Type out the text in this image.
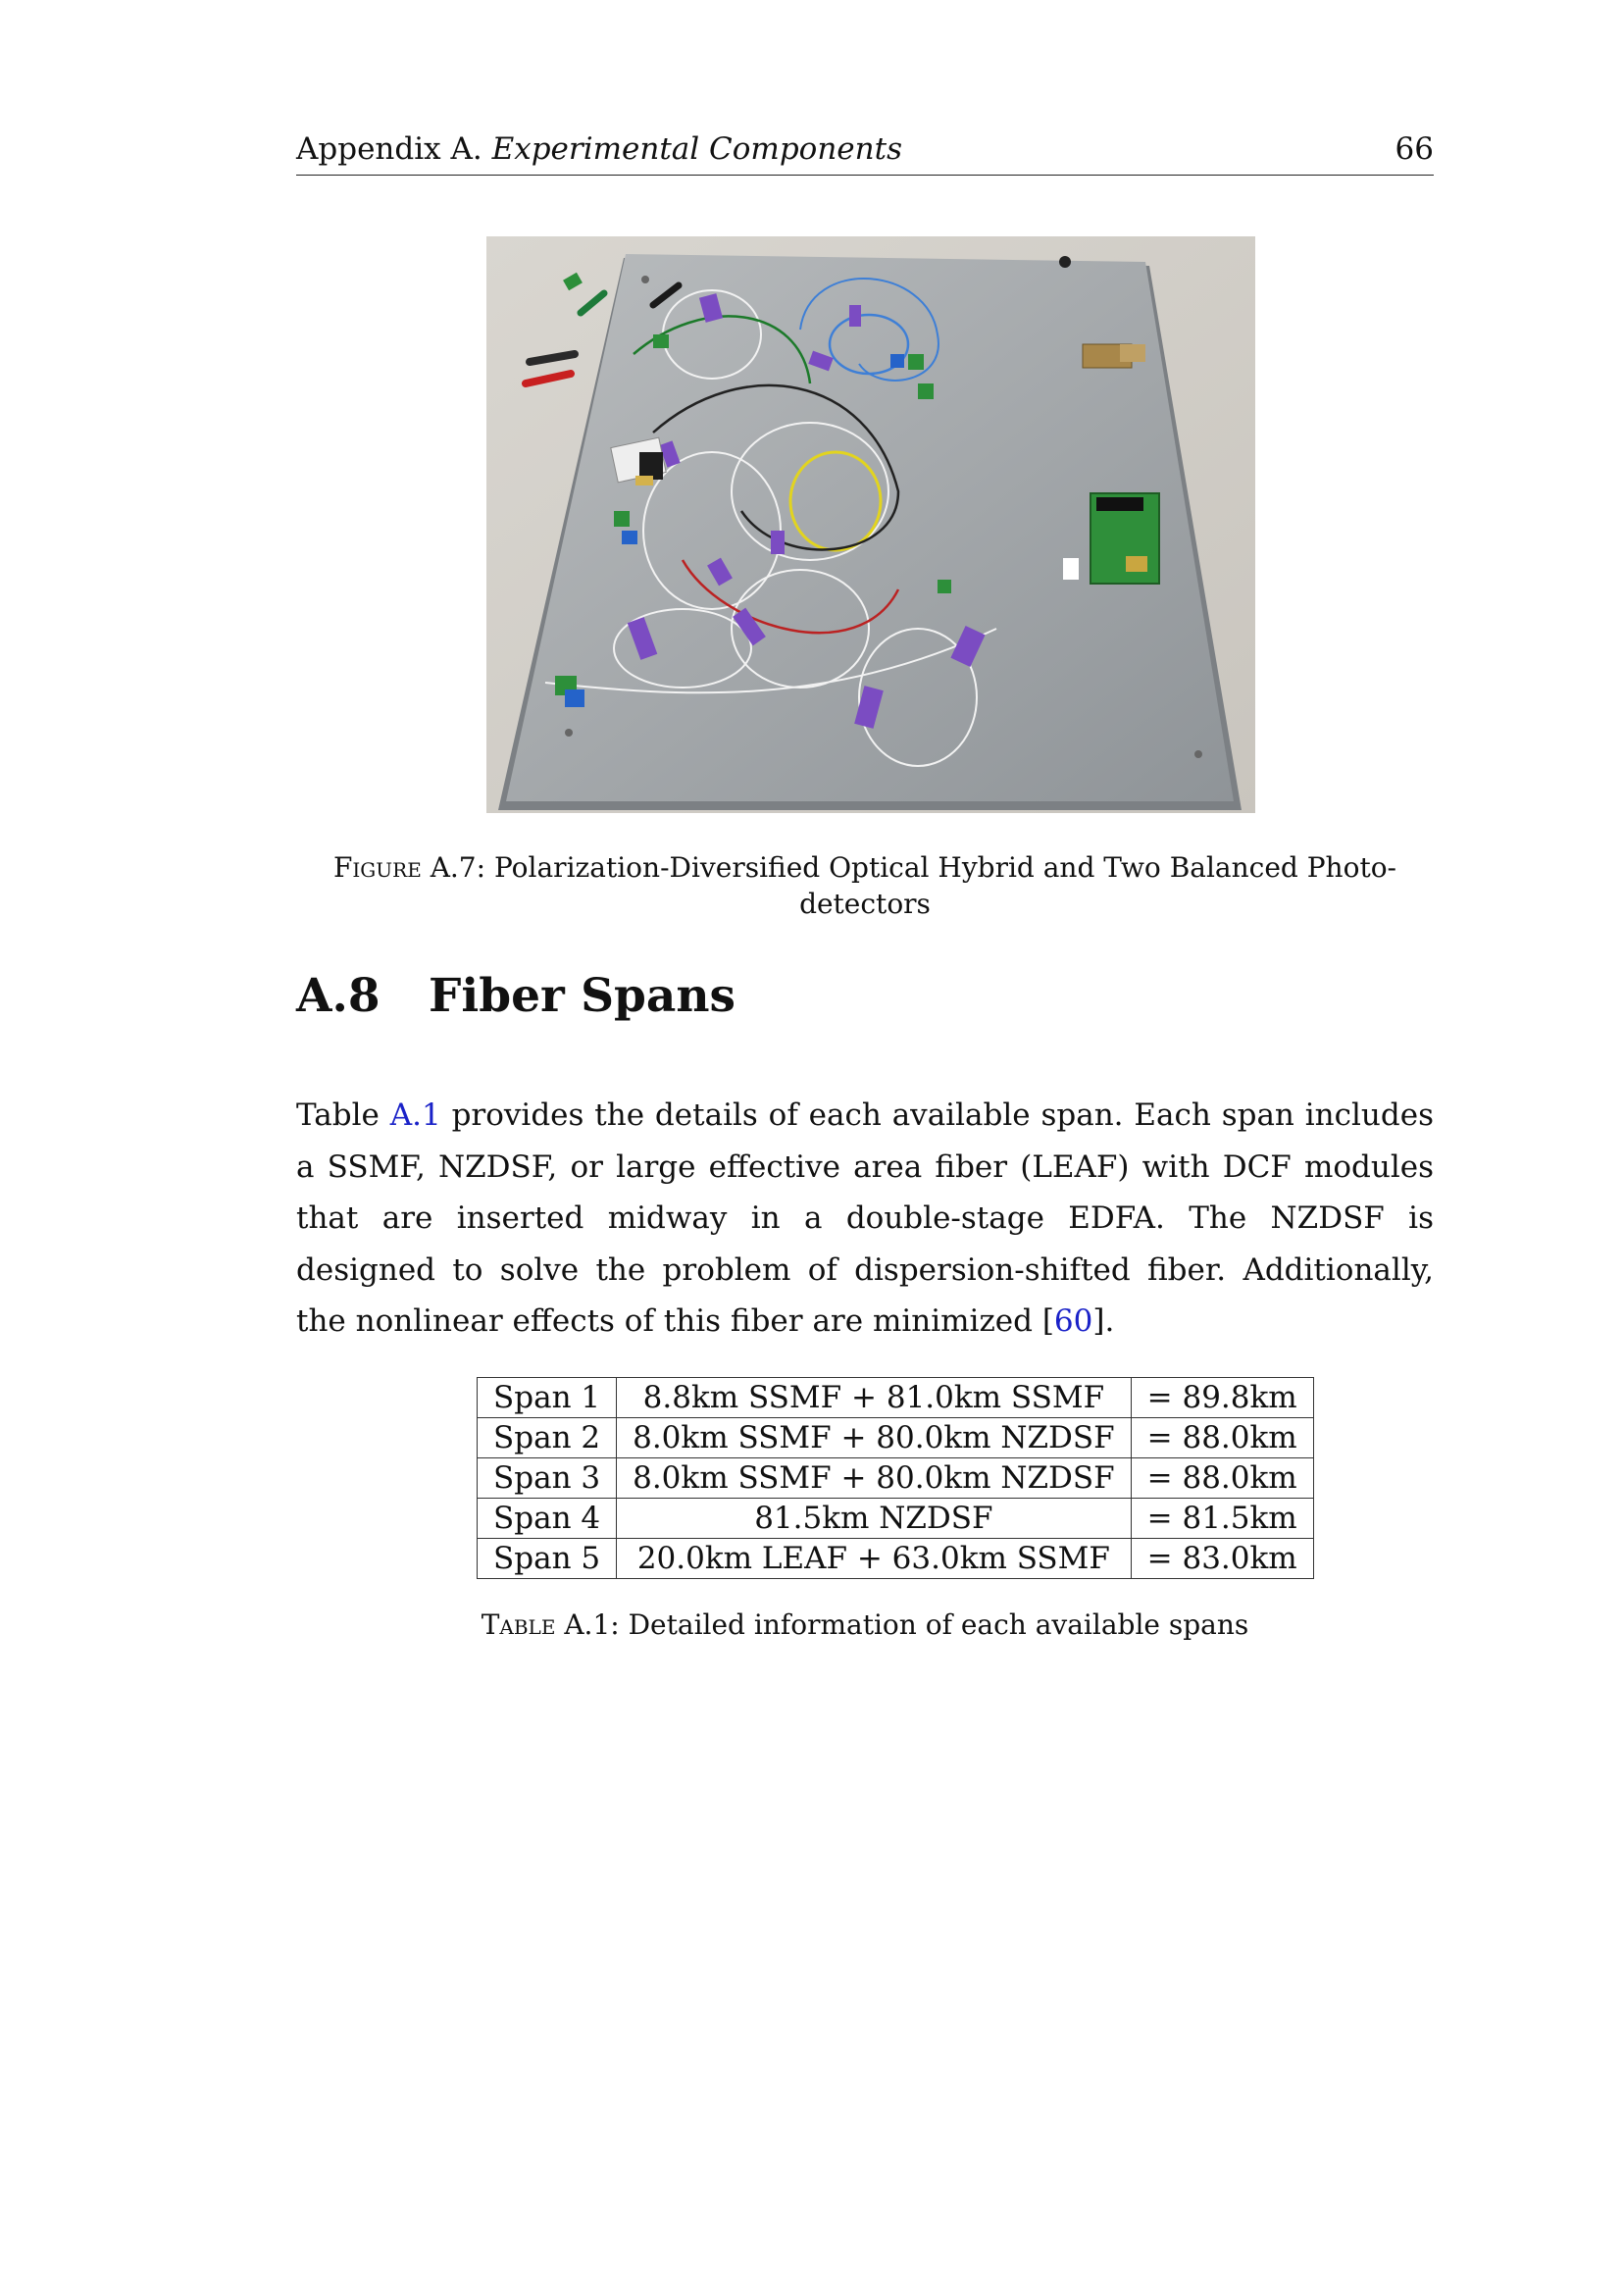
Appendix A. Experimental Components	66
Figure A.7: Polarization-Diversified Optical Hybrid and Two Balanced Photo-
detectors
A.8 Fiber Spans
Table A.1 provides the details of each available span. Each span includes a SSMF, NZDSF, or large effective area fiber (LEAF) with DCF modules that are inserted midway in a double-stage EDFA. The NZDSF is designed to solve the problem of dispersion-shifted fiber. Additionally, the nonlinear effects of this fiber are minimized [60].
Span 1	8.8km SSMF + 81.0km SSMF	= 89.8km
Span 2	8.0km SSMF + 80.0km NZDSF	= 88.0km
Span 3	8.0km SSMF + 80.0km NZDSF	= 88.0km
Span 4	81.5km NZDSF	= 81.5km
Span 5	20.0km LEAF + 63.0km SSMF	= 83.0km
Table A.1: Detailed information of each available spans
